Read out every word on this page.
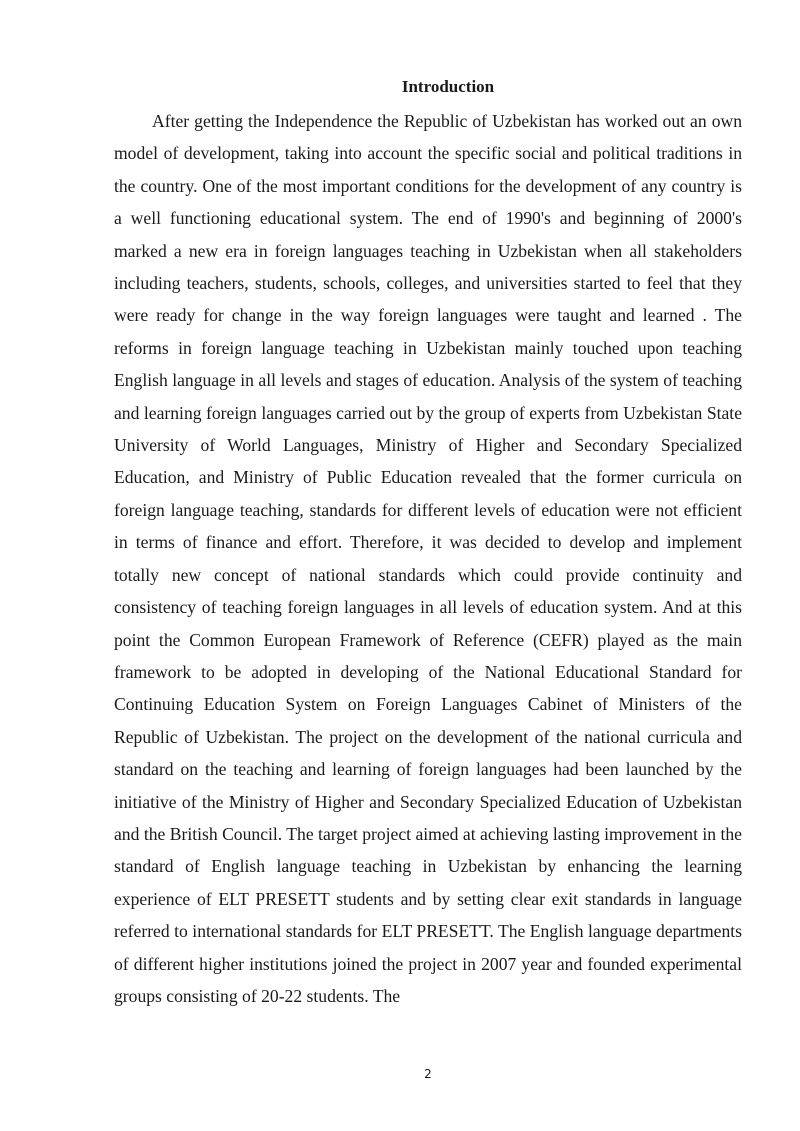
Introduction

After getting the Independence the Republic of Uzbekistan has worked out an own model of development, taking into account the specific social and political traditions in the country. One of the most important conditions for the development of any country is a well functioning educational system. The end of 1990's and beginning of 2000's marked a new era in foreign languages teaching in Uzbekistan when all stakeholders including teachers, students, schools, colleges, and universities started to feel that they were ready for change in the way foreign languages were taught and learned . The reforms in foreign language teaching in Uzbekistan mainly touched upon teaching English language in all levels and stages of education. Analysis of the system of teaching and learning foreign languages carried out by the group of experts from Uzbekistan State University of World Languages, Ministry of Higher and Secondary Specialized Education, and Ministry of Public Education revealed that the former curricula on foreign language teaching, standards for different levels of education were not efficient in terms of finance and effort. Therefore, it was decided to develop and implement totally new concept of national standards which could provide continuity and consistency of teaching foreign languages in all levels of education system. And at this point the Common European Framework of Reference (CEFR) played as the main framework to be adopted in developing of the National Educational Standard for Continuing Education System on Foreign Languages Cabinet of Ministers of the Republic of Uzbekistan. The project on the development of the national curricula and standard on the teaching and learning of foreign languages had been launched by the initiative of the Ministry of Higher and Secondary Specialized Education of Uzbekistan and the British Council. The target project aimed at achieving lasting improvement in the standard of English language teaching in Uzbekistan by enhancing the learning experience of ELT PRESETT students and by setting clear exit standards in language referred to international standards for ELT PRESETT. The English language departments of different higher institutions joined the project in 2007 year and founded experimental groups consisting of 20-22 students. The

2
